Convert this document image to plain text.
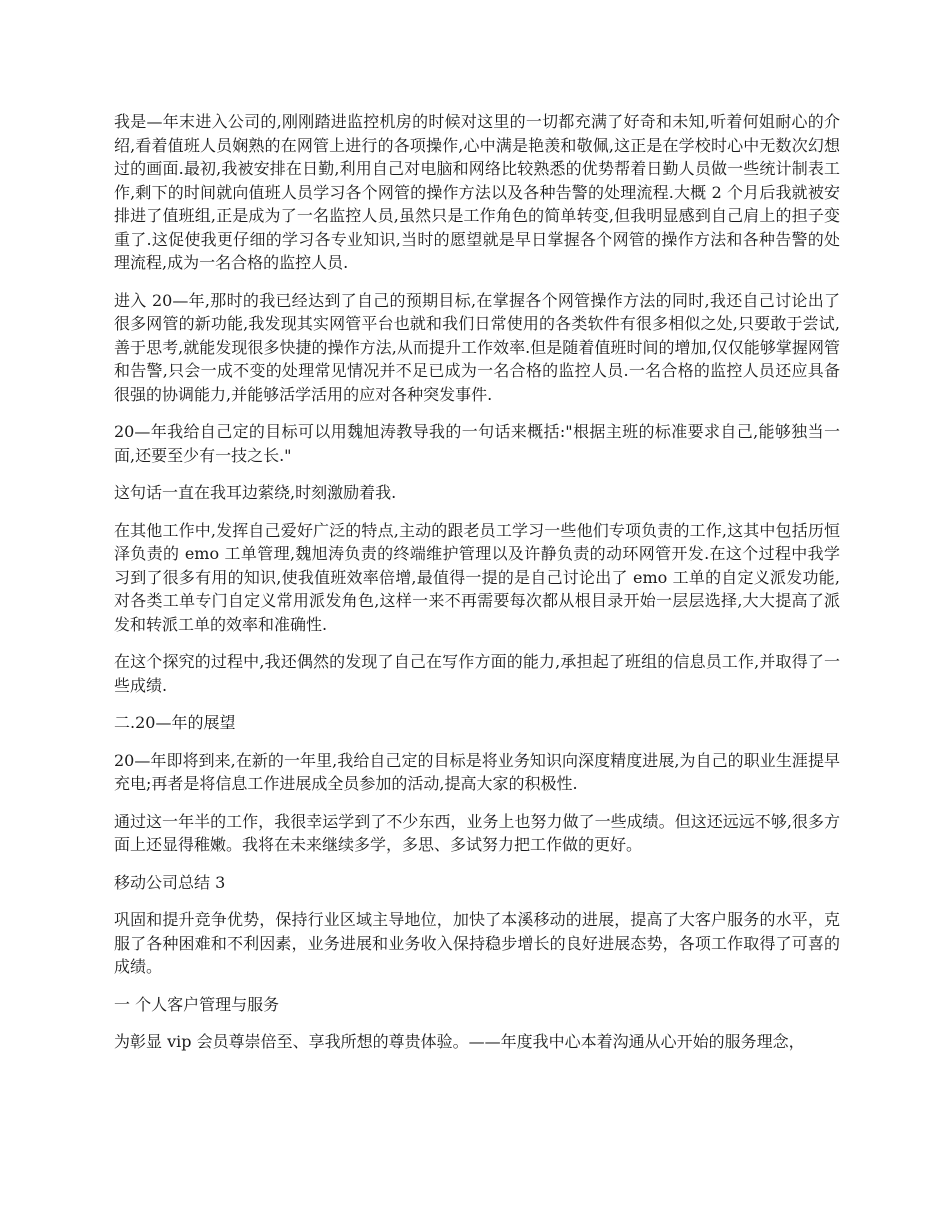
我是—年末进入公司的,刚刚踏进监控机房的时候对这里的一切都充满了好奇和未知,听着何姐耐心的介绍,看着值班人员娴熟的在网管上进行的各项操作,心中满是艳羡和敬佩,这正是在学校时心中无数次幻想过的画面.最初,我被安排在日勤,利用自己对电脑和网络比较熟悉的优势帮着日勤人员做一些统计制表工作,剩下的时间就向值班人员学习各个网管的操作方法以及各种告警的处理流程.大概 2 个月后我就被安排进了值班组,正是成为了一名监控人员,虽然只是工作角色的简单转变,但我明显感到自己肩上的担子变重了.这促使我更仔细的学习各专业知识,当时的愿望就是早日掌握各个网管的操作方法和各种告警的处理流程,成为一名合格的监控人员.

进入 20—年,那时的我已经达到了自己的预期目标,在掌握各个网管操作方法的同时,我还自己讨论出了很多网管的新功能,我发现其实网管平台也就和我们日常使用的各类软件有很多相似之处,只要敢于尝试,善于思考,就能发现很多快捷的操作方法,从而提升工作效率.但是随着值班时间的增加,仅仅能够掌握网管和告警,只会一成不变的处理常见情况并不足已成为一名合格的监控人员.一名合格的监控人员还应具备很强的协调能力,并能够活学活用的应对各种突发事件.

20—年我给自己定的目标可以用魏旭涛教导我的一句话来概括:"根据主班的标准要求自己,能够独当一面,还要至少有一技之长."

这句话一直在我耳边萦绕,时刻激励着我.

在其他工作中,发挥自己爱好广泛的特点,主动的跟老员工学习一些他们专项负责的工作,这其中包括历恒泽负责的 emo 工单管理,魏旭涛负责的终端维护管理以及许静负责的动环网管开发.在这个过程中我学习到了很多有用的知识,使我值班效率倍增,最值得一提的是自己讨论出了 emo 工单的自定义派发功能,对各类工单专门自定义常用派发角色,这样一来不再需要每次都从根目录开始一层层选择,大大提高了派发和转派工单的效率和准确性.

在这个探究的过程中,我还偶然的发现了自己在写作方面的能力,承担起了班组的信息员工作,并取得了一些成绩.

二.20—年的展望

20—年即将到来,在新的一年里,我给自己定的目标是将业务知识向深度精度进展,为自己的职业生涯提早充电;再者是将信息工作进展成全员参加的活动,提高大家的积极性.

通过这一年半的工作，我很幸运学到了不少东西，业务上也努力做了一些成绩。但这还远远不够,很多方面上还显得稚嫩。我将在未来继续多学，多思、多试努力把工作做的更好。

移动公司总结 3

巩固和提升竞争优势，保持行业区域主导地位，加快了本溪移动的进展，提高了大客户服务的水平，克服了各种困难和不利因素，业务进展和业务收入保持稳步增长的良好进展态势，各项工作取得了可喜的成绩。

一 个人客户管理与服务

为彰显 vip 会员尊崇倍至、享我所想的尊贵体验。——年度我中心本着沟通从心开始的服务理念，
